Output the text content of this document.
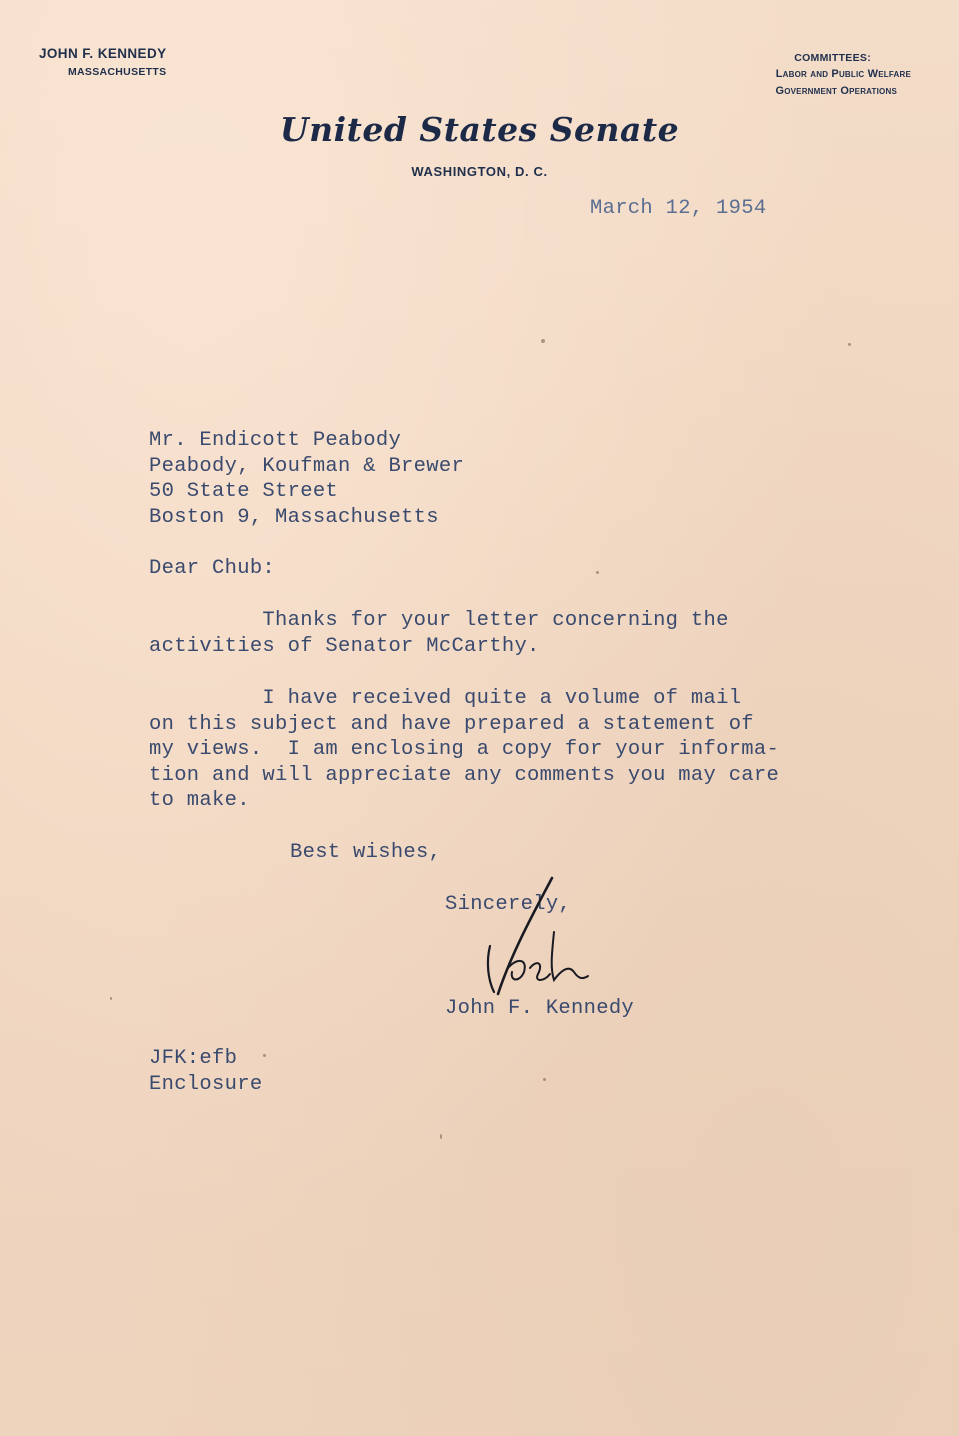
JOHN F. KENNEDY
MASSACHUSETTS
COMMITTEES:
Labor and Public Welfare
Government Operations
United States Senate
WASHINGTON, D. C.
March 12, 1954
Mr. Endicott Peabody
Peabody, Koufman & Brewer
50 State Street
Boston 9, Massachusetts
Dear Chub:
Thanks for your letter concerning the
activities of Senator McCarthy.
I have received quite a volume of mail
on this subject and have prepared a statement of
my views.  I am enclosing a copy for your informa-
tion and will appreciate any comments you may care
to make.
Best wishes,
Sincerely,
John F. Kennedy
JFK:efb
Enclosure
